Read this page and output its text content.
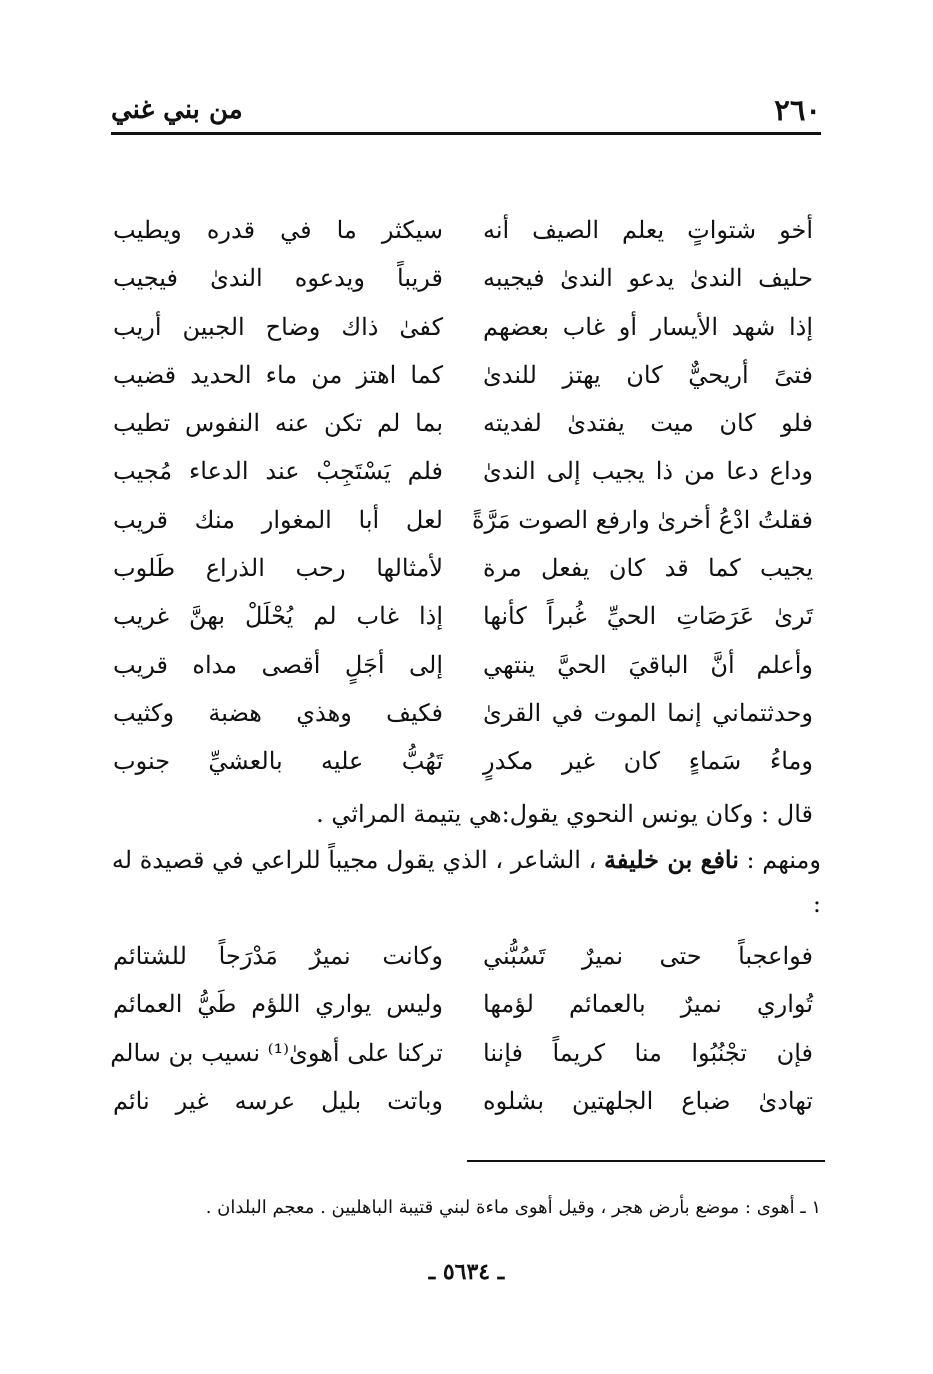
٢٦٠
من بني غني
أخو شتواتٍ يعلم الصيف أنه
سيكثر ما في قدره ويطيب
حليف الندىٰ يدعو الندىٰ فيجيبه
قريباً ويدعوه الندىٰ فيجيب
إذا شهد الأيسار أو غاب بعضهم
كفىٰ ذاك وضاح الجبين أريب
فتىً أريحيٌّ كان يهتز للندىٰ
كما اهتز من ماء الحديد قضيب
فلو كان ميت يفتدىٰ لفديته
بما لم تكن عنه النفوس تطيب
وداع دعا من ذا يجيب إلى الندىٰ
فلم يَسْتَجِبْ عند الدعاء مُجيب
فقلتُ ادْعُ أخرىٰ وارفع الصوت مَرَّةً
لعل أبا المغوار منك قريب
يجيب كما قد كان يفعل مرة
لأمثالها رحب الذراع طَلوب
تَرىٰ عَرَصَاتِ الحيِّ غُبراً كأنها
إذا غاب لم يُحْلَلْ بهنَّ غريب
وأعلم أنَّ الباقيَ الحيَّ ينتهي
إلى أجَلٍ أقصى مداه قريب
وحدثتماني إنما الموت في القرىٰ
فكيف وهذي هضبة وكثيب
وماءُ سَماءٍ كان غير مكدرٍ
تَهُبُّ عليه بالعشيِّ جنوب
قال : وكان يونس النحوي يقول:هي يتيمة المراثي .
ومنهم : نافع بن خليفة ، الشاعر ، الذي يقول مجيباً للراعي في قصيدة له :
فواعجباً حتى نميرٌ تَسُبُّني
وكانت نميرٌ مَدْرَجاً للشتائم
تُواري نميرٌ بالعمائم لؤمها
وليس يواري اللؤم طَيُّ العمائم
فإن تجْنُبُوا منا كريماً فإننا
تركنا على أهوىٰ⁽¹⁾ نسيب بن سالم
تهادىٰ ضباع الجلهتين بشلوه
وباتت بليل عرسه غير نائم
١ ـ أهوى : موضع بأرض هجر ، وقيل أهوى ماءة لبني قتيبة الباهليين . معجم البلدان .
ـ ٥٦٣٤ ـ
